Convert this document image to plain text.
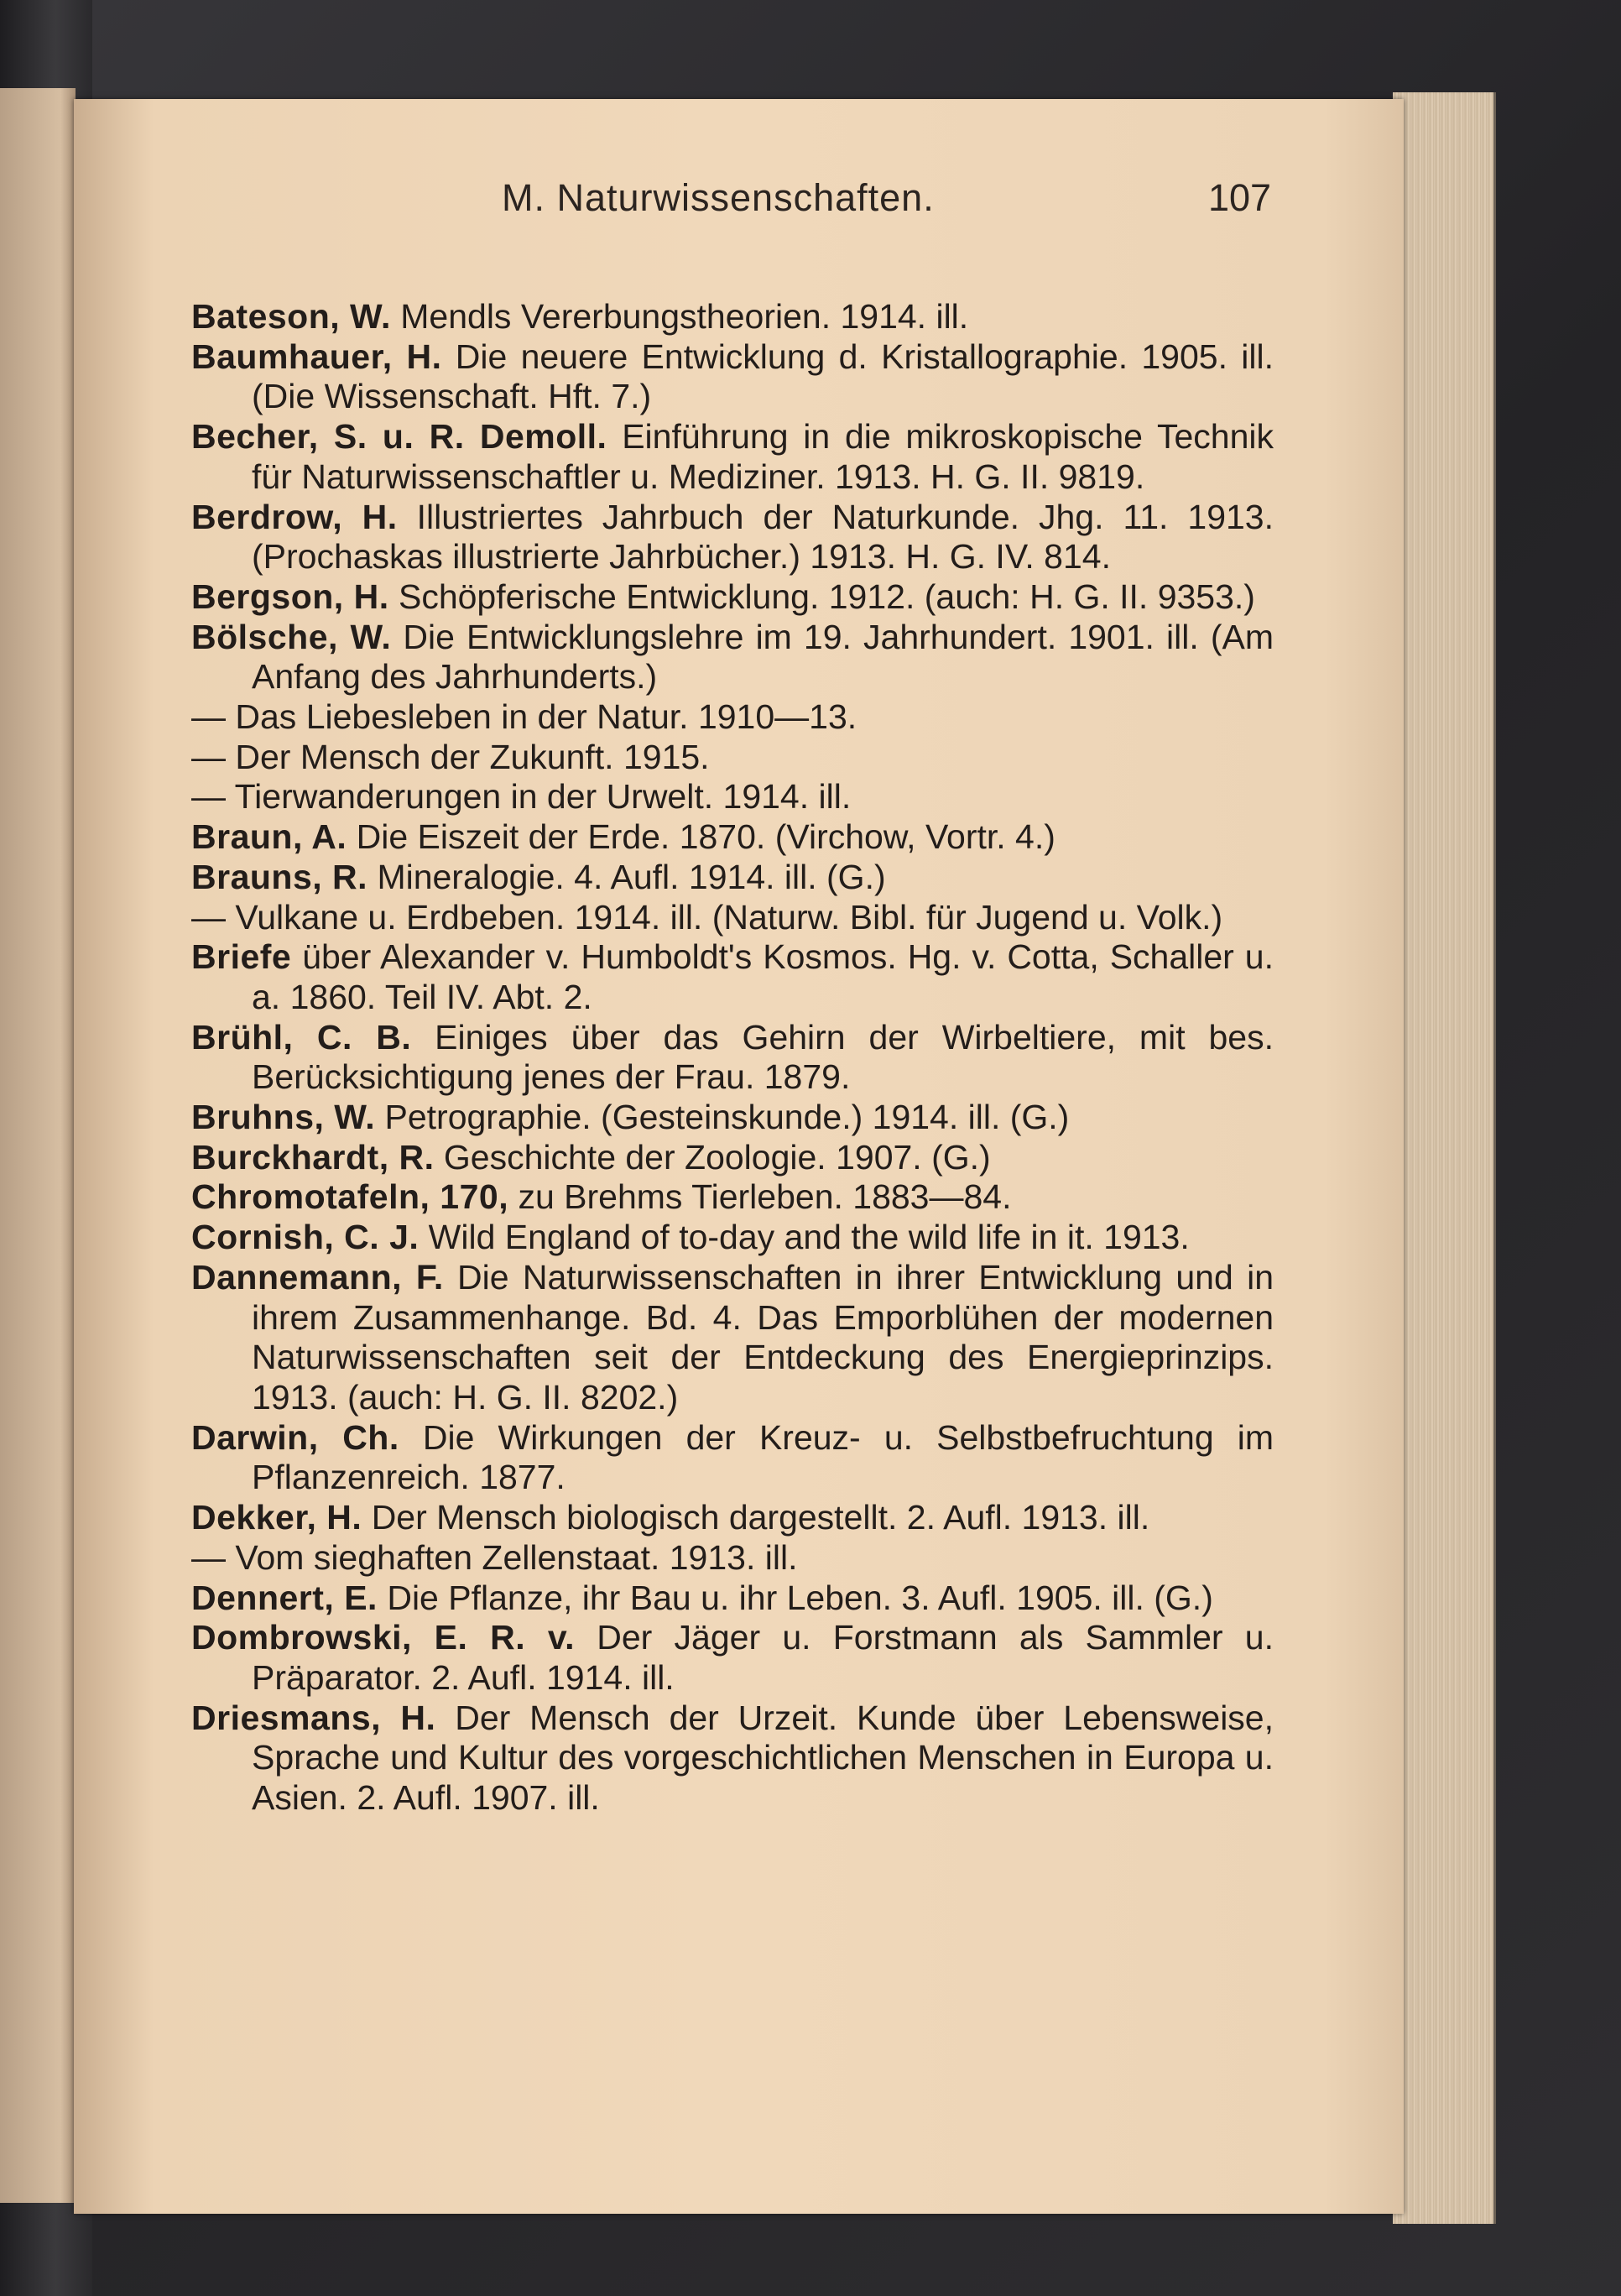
M. Naturwissenschaften.	107

Bateson, W. Mendls Vererbungstheorien. 1914. ill.

Baumhauer, H. Die neuere Entwicklung d. Kristallographie. 1905. ill. (Die Wissenschaft. Hft. 7.)

Becher, S. u. R. Demoll. Einführung in die mikroskopische Technik für Naturwissenschaftler u. Mediziner. 1913. H. G. II. 9819.

Berdrow, H. Illustriertes Jahrbuch der Naturkunde. Jhg. 11. 1913. (Prochaskas illustrierte Jahrbücher.) 1913. H. G. IV. 814.

Bergson, H. Schöpferische Entwicklung. 1912. (auch: H. G. II. 9353.)

Bölsche, W. Die Entwicklungslehre im 19. Jahrhundert. 1901. ill. (Am Anfang des Jahrhunderts.)

— Das Liebesleben in der Natur. 1910—13.

— Der Mensch der Zukunft. 1915.

— Tierwanderungen in der Urwelt. 1914. ill.

Braun, A. Die Eiszeit der Erde. 1870. (Virchow, Vortr. 4.)

Brauns, R. Mineralogie. 4. Aufl. 1914. ill. (G.)

— Vulkane u. Erdbeben. 1914. ill. (Naturw. Bibl. für Jugend u. Volk.)

Briefe über Alexander v. Humboldt's Kosmos. Hg. v. Cotta, Schaller u. a. 1860. Teil IV. Abt. 2.

Brühl, C. B. Einiges über das Gehirn der Wirbeltiere, mit bes. Berücksichtigung jenes der Frau. 1879.

Bruhns, W. Petrographie. (Gesteinskunde.) 1914. ill. (G.)

Burckhardt, R. Geschichte der Zoologie. 1907. (G.)

Chromotafeln, 170, zu Brehms Tierleben. 1883—84.

Cornish, C. J. Wild England of to-day and the wild life in it. 1913.

Dannemann, F. Die Naturwissenschaften in ihrer Entwicklung und in ihrem Zusammenhange. Bd. 4. Das Emporblühen der modernen Naturwissenschaften seit der Entdeckung des Energieprinzips. 1913. (auch: H. G. II. 8202.)

Darwin, Ch. Die Wirkungen der Kreuz- u. Selbstbefruchtung im Pflanzenreich. 1877.

Dekker, H. Der Mensch biologisch dargestellt. 2. Aufl. 1913. ill.

— Vom sieghaften Zellenstaat. 1913. ill.

Dennert, E. Die Pflanze, ihr Bau u. ihr Leben. 3. Aufl. 1905. ill. (G.)

Dombrowski, E. R. v. Der Jäger u. Forstmann als Sammler u. Präparator. 2. Aufl. 1914. ill.

Driesmans, H. Der Mensch der Urzeit. Kunde über Lebensweise, Sprache und Kultur des vorgeschichtlichen Menschen in Europa u. Asien. 2. Aufl. 1907. ill.
